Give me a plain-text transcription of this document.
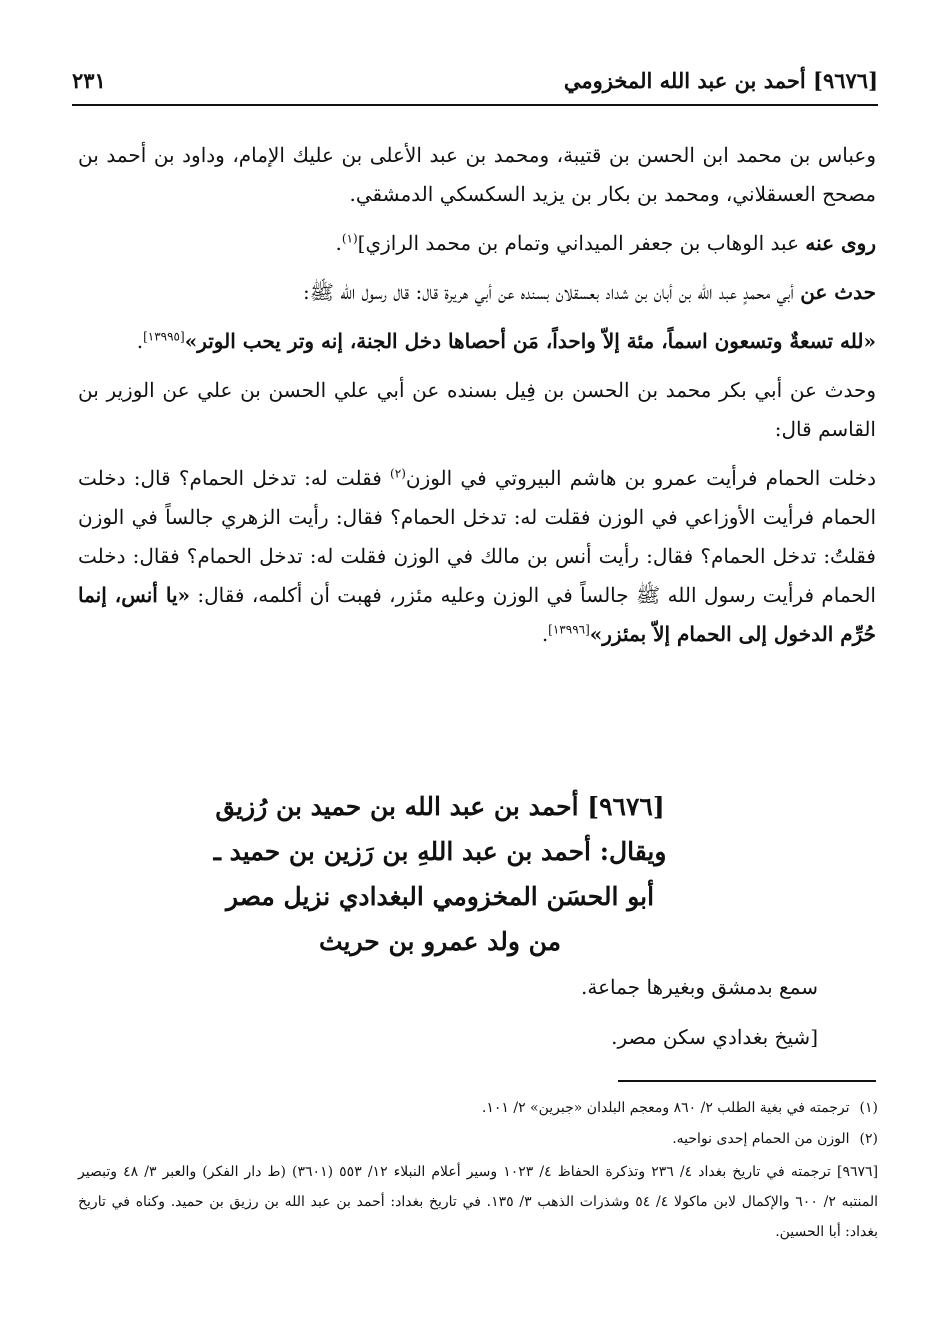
[٩٦٧٦] أحمد بن عبد الله المخزومي
٢٣١

وعباس بن محمد ابن الحسن بن قتيبة، ومحمد بن عبد الأعلى بن عليك الإمام، وداود بن أحمد بن مصحح العسقلاني، ومحمد بن بكار بن يزيد السكسكي الدمشقي.

روى عنه عبد الوهاب بن جعفر الميداني وتمام بن محمد الرازي]$^{(١)}$.

حدث عن أبي محمدٍ عبد الله بن أبان بن شداد بعسقلان بسنده عن أبي هريرة قال: قال رسول الله ﷺ:

«لله تسعةٌ وتسعون اسماً، مئة إلاّ واحداً، مَن أحصاها دخل الجنة، إنه وتر يحب الوتر»[١٣٩٩٥].

وحدث عن أبي بكر محمد بن الحسن بن فِيل بسنده عن أبي علي الحسن بن علي عن الوزير بن القاسم قال:

دخلت الحمام فرأيت عمرو بن هاشم البيروتي في الوزن$^{(٢)}$ فقلت له: تدخل الحمام؟ قال: دخلت الحمام فرأيت الأوزاعي في الوزن فقلت له: تدخل الحمام؟ فقال: رأيت الزهري جالساً في الوزن فقلتُ: تدخل الحمام؟ فقال: رأيت أنس بن مالك في الوزن فقلت له: تدخل الحمام؟ فقال: دخلت الحمام فرأيت رسول الله ﷺ جالساً في الوزن وعليه مئزر، فهبت أن أكلمه، فقال: «يا أنس، إنما حُرِّم الدخول إلى الحمام إلاّ بمئزر»[١٣٩٩٦].

[٩٦٧٦] أحمد بن عبد الله بن حميد بن رُزيق
ويقال: أحمد بن عبد اللهِ بن رَزين بن حميد ـ
أبو الحسَن المخزومي البغدادي نزيل مصر
من ولد عمرو بن حريث

سمع بدمشق وبغيرها جماعة.

[شيخ بغدادي سكن مصر.

(١)ترجمته في بغية الطلب ٢/ ٨٦٠ ومعجم البلدان «جبرين» ٢/ ١٠١.

(٢)الوزن من الحمام إحدى نواحيه.

[٩٦٧٦] ترجمته في تاريخ بغداد ٤/ ٢٣٦ وتذكرة الحفاظ ٤/ ١٠٢٣ وسير أعلام النبلاء ١٢/ ٥٥٣ (٣٦٠١) (ط دار الفكر) والعبر ٣/ ٤٨ وتبصير المنتبه ٢/ ٦٠٠ والإكمال لابن ماكولا ٤/ ٥٤ وشذرات الذهب ٣/ ١٣٥. في تاريخ بغداد: أحمد بن عبد الله بن رزيق بن حميد. وكناه في تاريخ بغداد: أبا الحسين.
